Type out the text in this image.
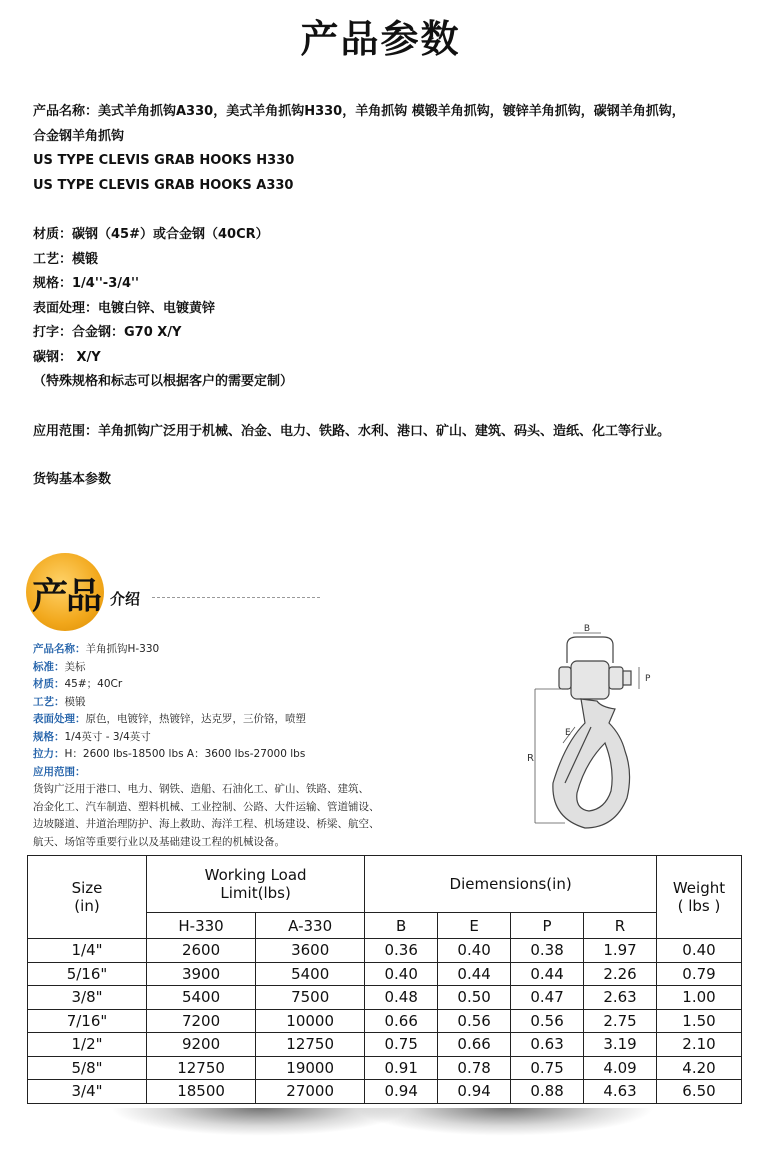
产品参数
产品名称：美式羊角抓钩A330，美式羊角抓钩H330，羊角抓钩 模锻羊角抓钩，镀锌羊角抓钩，碳钢羊角抓钩，
合金钢羊角抓钩
US TYPE CLEVIS GRAB HOOKS H330
US TYPE CLEVIS GRAB HOOKS A330
材质：碳钢（45#）或合金钢（40CR）
工艺：模锻
规格：1/4''-3/4''
表面处理：电镀白锌、电镀黄锌
打字：合金钢：G70 X/Y
碳钢： X/Y
（特殊规格和标志可以根据客户的需要定制）
应用范围：羊角抓钩广泛用于机械、冶金、电力、铁路、水利、港口、矿山、建筑、码头、造纸、化工等行业。
货钩基本参数
产品 介绍
产品名称：羊角抓钩H-330
标准：美标
材质：45#；40Cr
工艺：模锻
表面处理：原色，电镀锌，热镀锌，达克罗，三价铬，喷塑
规格：1/4英寸 - 3/4英寸
拉力：H：2600 lbs-18500 lbs A：3600 lbs-27000 lbs
应用范围：
货钩广泛用于港口、电力、钢铁、造船、石油化工、矿山、铁路、建筑、
冶金化工、汽车制造、塑料机械、工业控制、公路、大件运输、管道铺设、
边坡隧道、井道治理防护、海上救助、海洋工程、机场建设、桥梁、航空、
航天、场馆等重要行业以及基础建设工程的机械设备。
B
P
R
E
Size
(in)	Working Load
Limit(lbs)		Diemensions(in)				Weight
( lbs )
	H-330	A-330	B	E	P	R	
1/4"	2600	3600	0.36	0.40	0.38	1.97	0.40
5/16"	3900	5400	0.40	0.44	0.44	2.26	0.79
3/8"	5400	7500	0.48	0.50	0.47	2.63	1.00
7/16"	7200	10000	0.66	0.56	0.56	2.75	1.50
1/2"	9200	12750	0.75	0.66	0.63	3.19	2.10
5/8"	12750	19000	0.91	0.78	0.75	4.09	4.20
3/4"	18500	27000	0.94	0.94	0.88	4.63	6.50
